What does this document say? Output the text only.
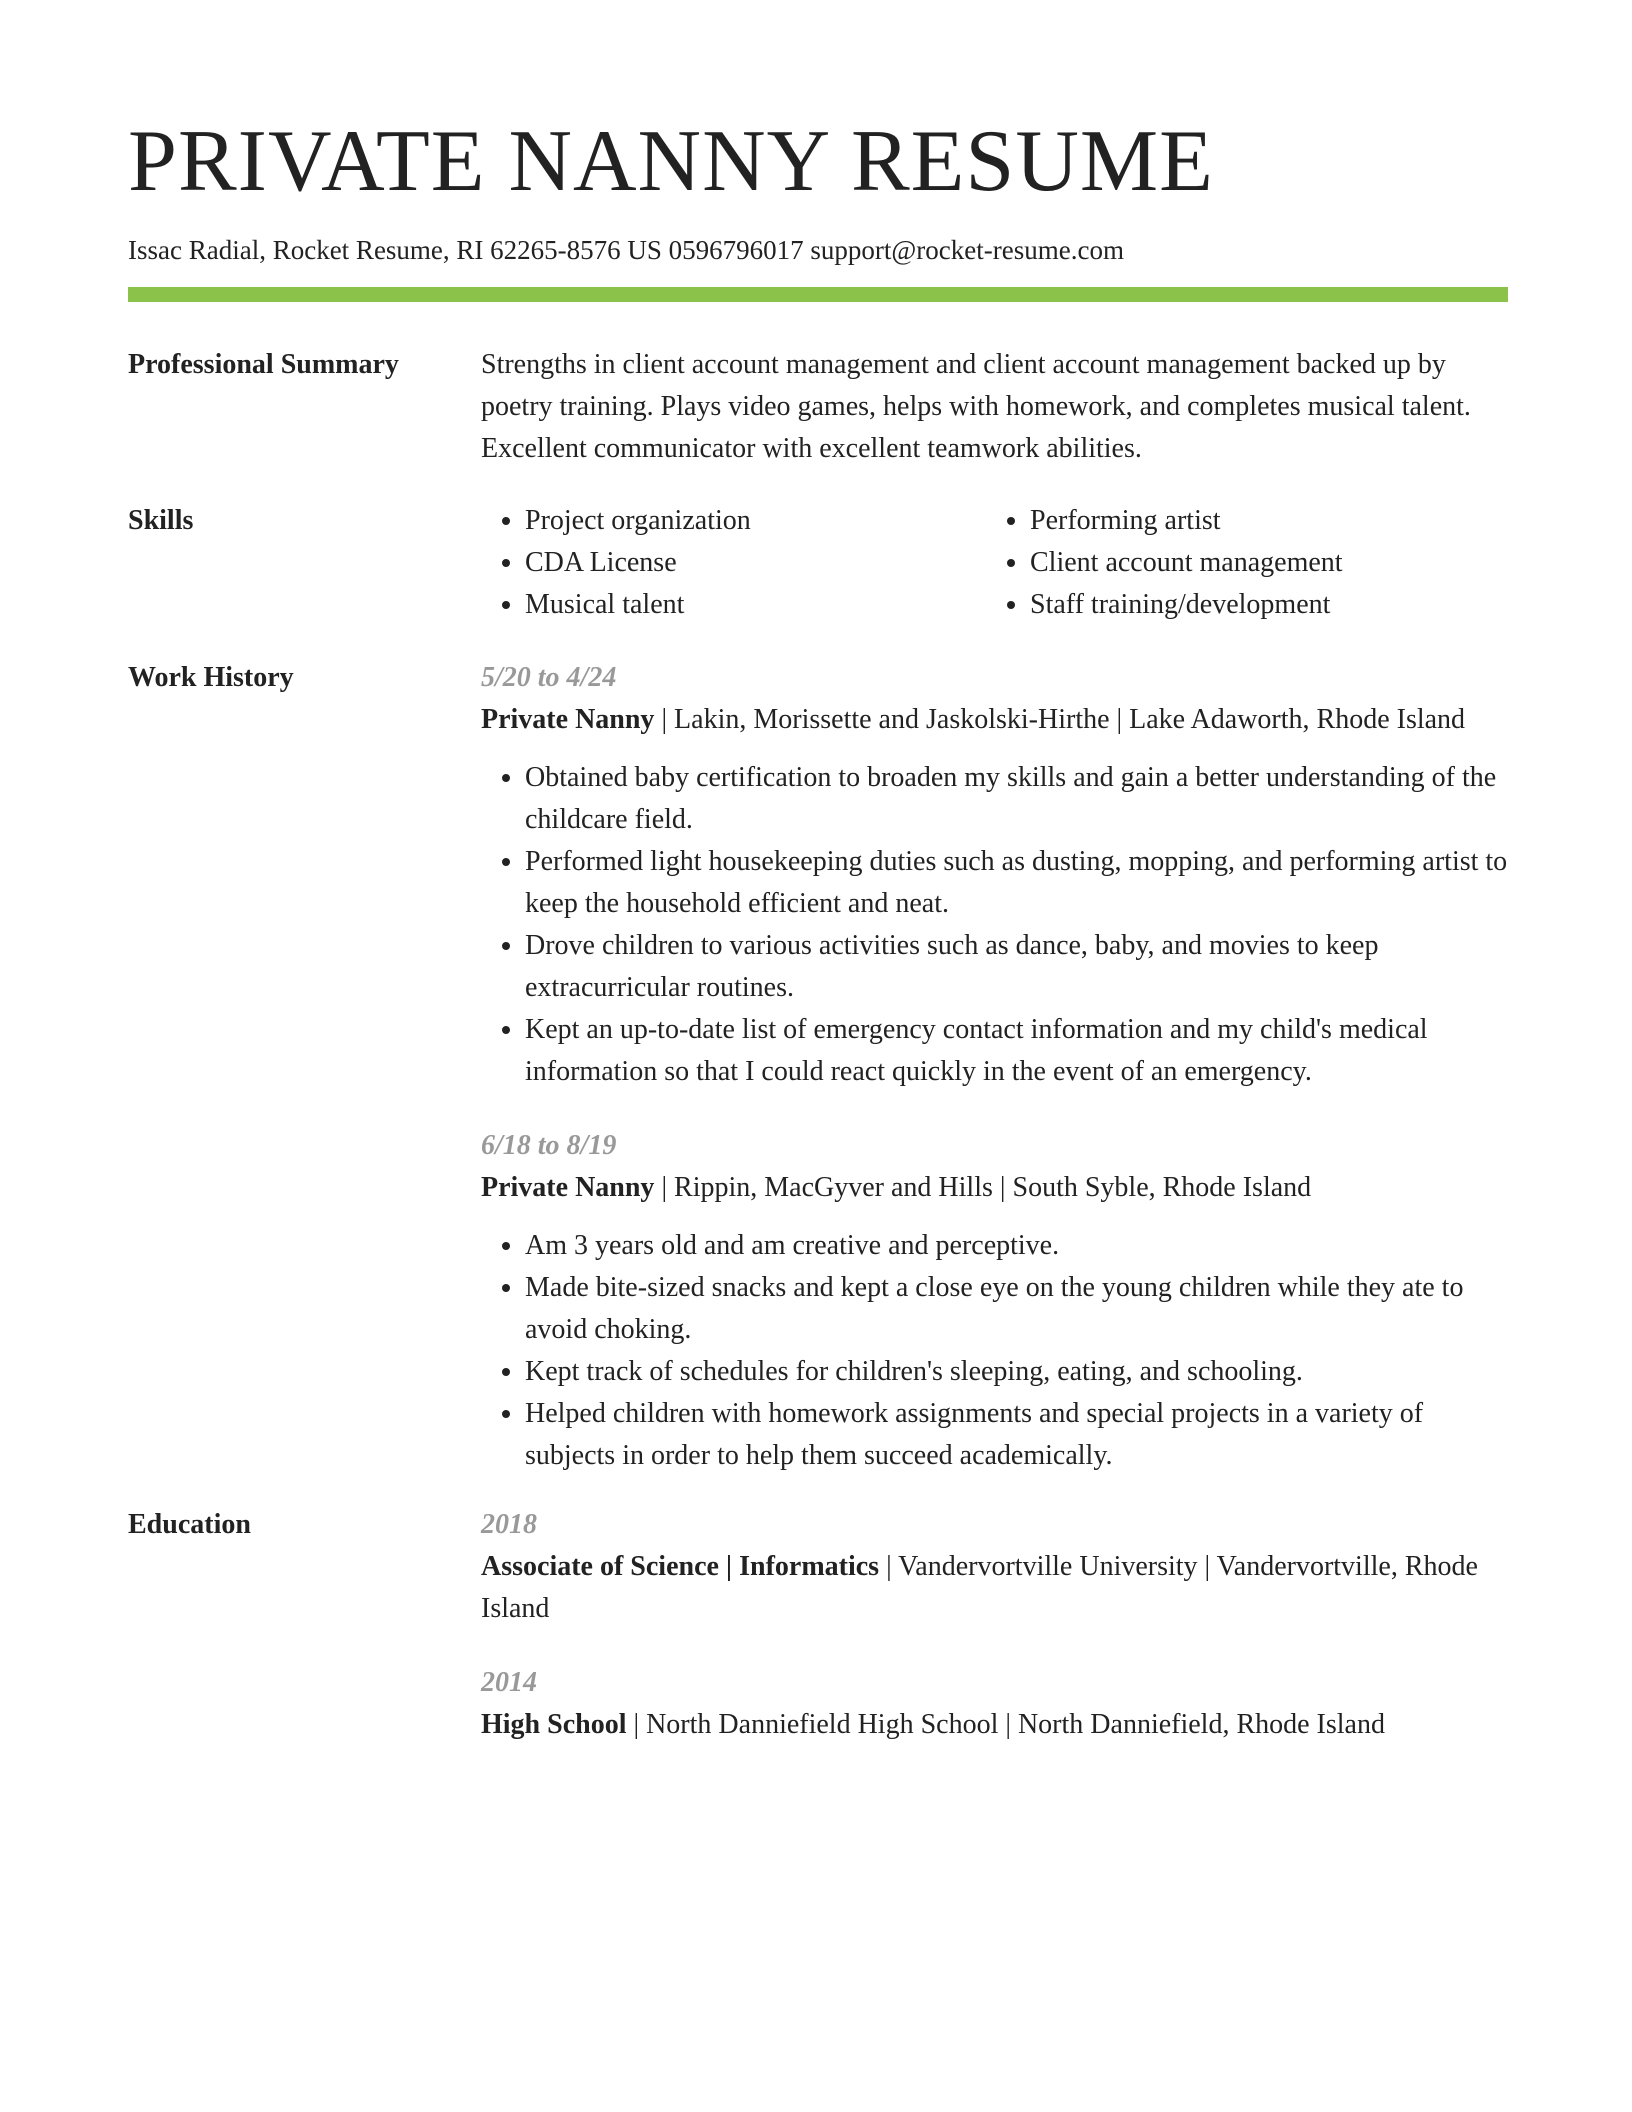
PRIVATE NANNY RESUME
Issac Radial, Rocket Resume, RI 62265-8576 US 0596796017 support@rocket-resume.com
Professional Summary	Strengths in client account management and client account management backed up by poetry training. Plays video games, helps with homework, and completes musical talent. Excellent communicator with excellent teamwork abilities.

Skills
•	Project organization
• CDA License
• Musical talent
• Performing artist
• Client account management
• Staff training/development
Work History	5/20 to 4/24
Private Nanny | Lakin, Morissette and Jaskolski-Hirthe | Lake Adaworth, Rhode Island
• Obtained baby certification to broaden my skills and gain a better understanding of the childcare field.
• Performed light housekeeping duties such as dusting, mopping, and performing artist to keep the household efficient and neat.
• Drove children to various activities such as dance, baby, and movies to keep extracurricular routines.
• Kept an up-to-date list of emergency contact information and my child's medical information so that I could react quickly in the event of an emergency.
6/18 to 8/19
Private Nanny | Rippin, MacGyver and Hills | South Syble, Rhode Island
• Am 3 years old and am creative and perceptive.
• Made bite-sized snacks and kept a close eye on the young children while they ate to avoid choking.
• Kept track of schedules for children's sleeping, eating, and schooling.
• Helped children with homework assignments and special projects in a variety of subjects in order to help them succeed academically.
Education	2018
Associate of Science | Informatics | Vandervortville University | Vandervortville, Rhode Island
2014
High School | North Danniefield High School | North Danniefield, Rhode Island
